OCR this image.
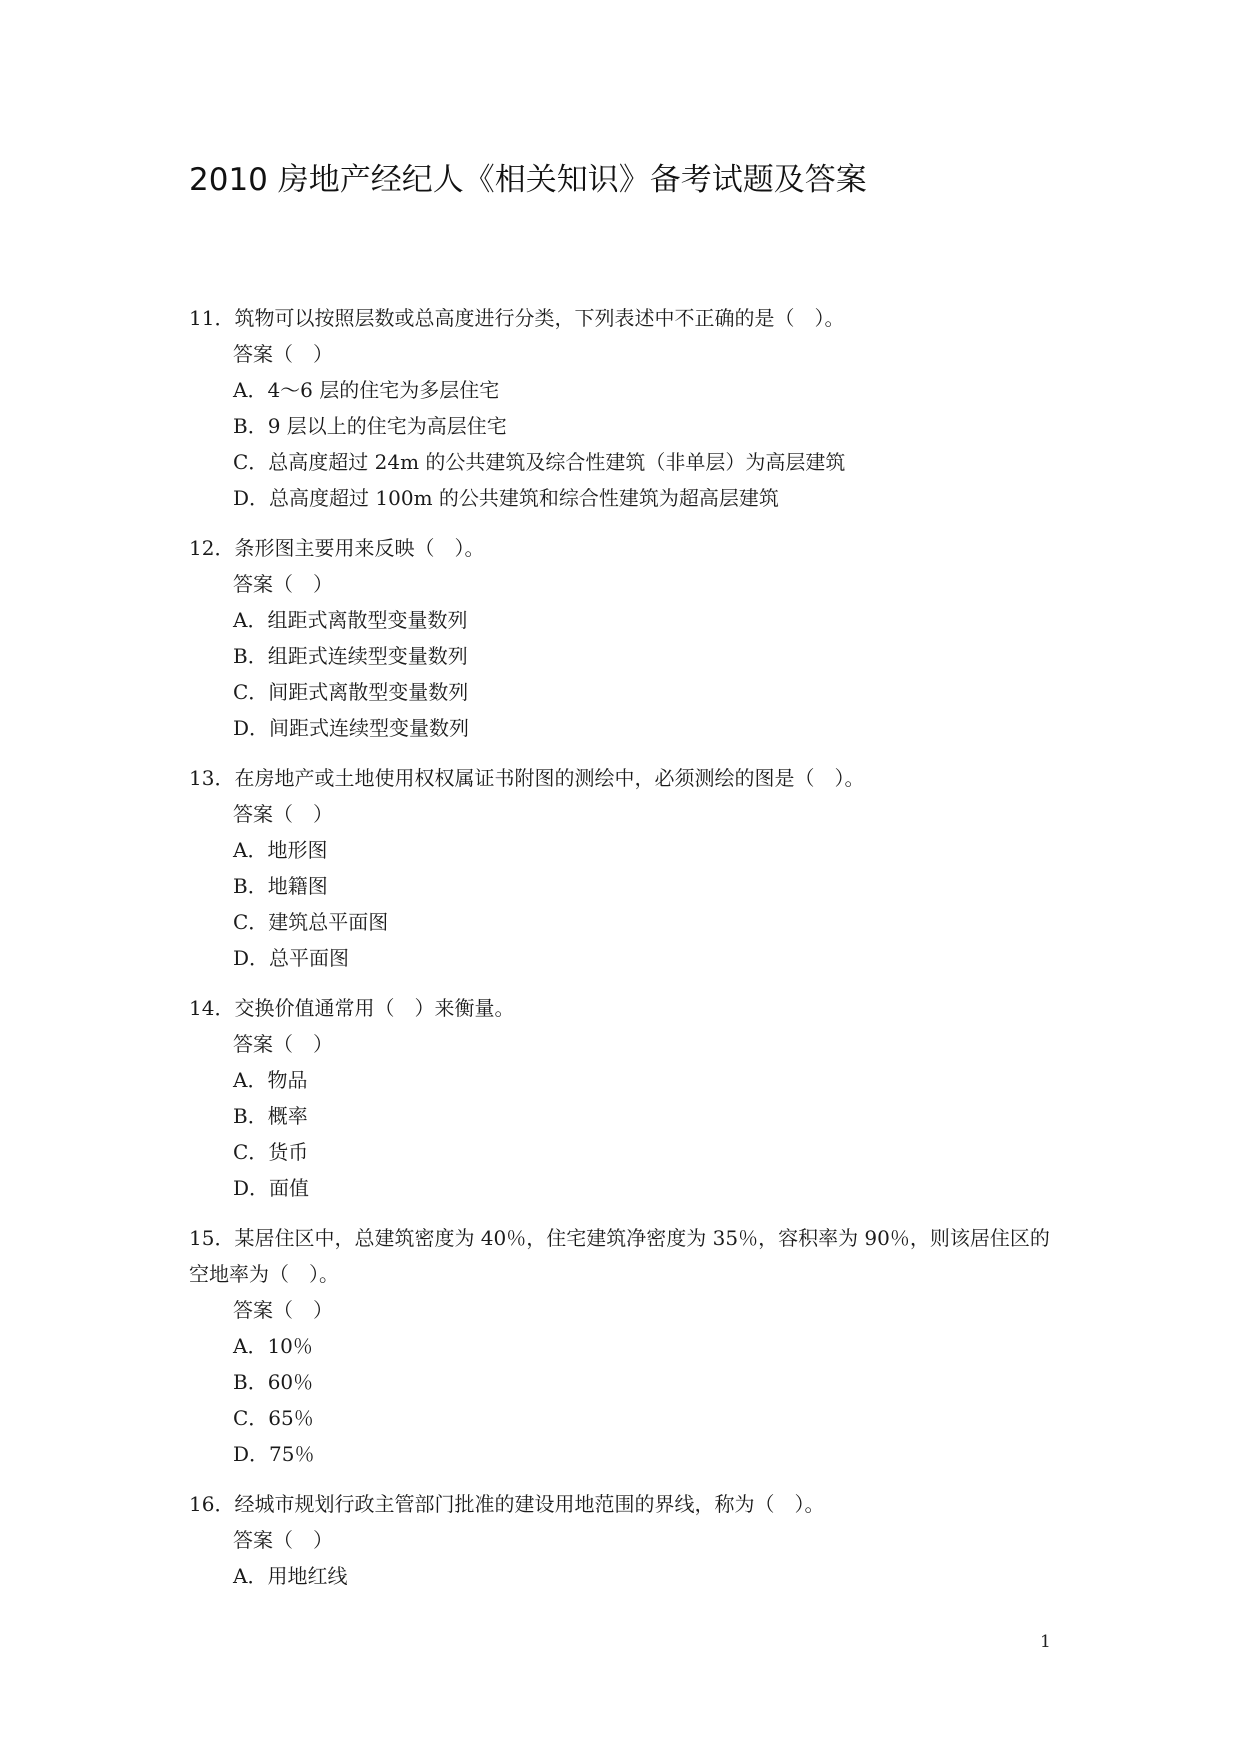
2010 房地产经纪人《相关知识》备考试题及答案
11．筑物可以按照层数或总高度进行分类，下列表述中不正确的是（　）。
答案（　）
A．4～6 层的住宅为多层住宅
B．9 层以上的住宅为高层住宅
C．总高度超过 24m 的公共建筑及综合性建筑（非单层）为高层建筑
D．总高度超过 100m 的公共建筑和综合性建筑为超高层建筑
12．条形图主要用来反映（　）。
答案（　）
A．组距式离散型变量数列
B．组距式连续型变量数列
C．间距式离散型变量数列
D．间距式连续型变量数列
13．在房地产或土地使用权权属证书附图的测绘中，必须测绘的图是（　）。
答案（　）
A．地形图
B．地籍图
C．建筑总平面图
D．总平面图
14．交换价值通常用（　）来衡量。
答案（　）
A．物品
B．概率
C．货币
D．面值
15．某居住区中，总建筑密度为 40％，住宅建筑净密度为 35％，容积率为 90％，则该居住区的空地率为（　）。
答案（　）
A．10％
B．60％
C．65％
D．75％
16．经城市规划行政主管部门批准的建设用地范围的界线，称为（　）。
答案（　）
A．用地红线
1
